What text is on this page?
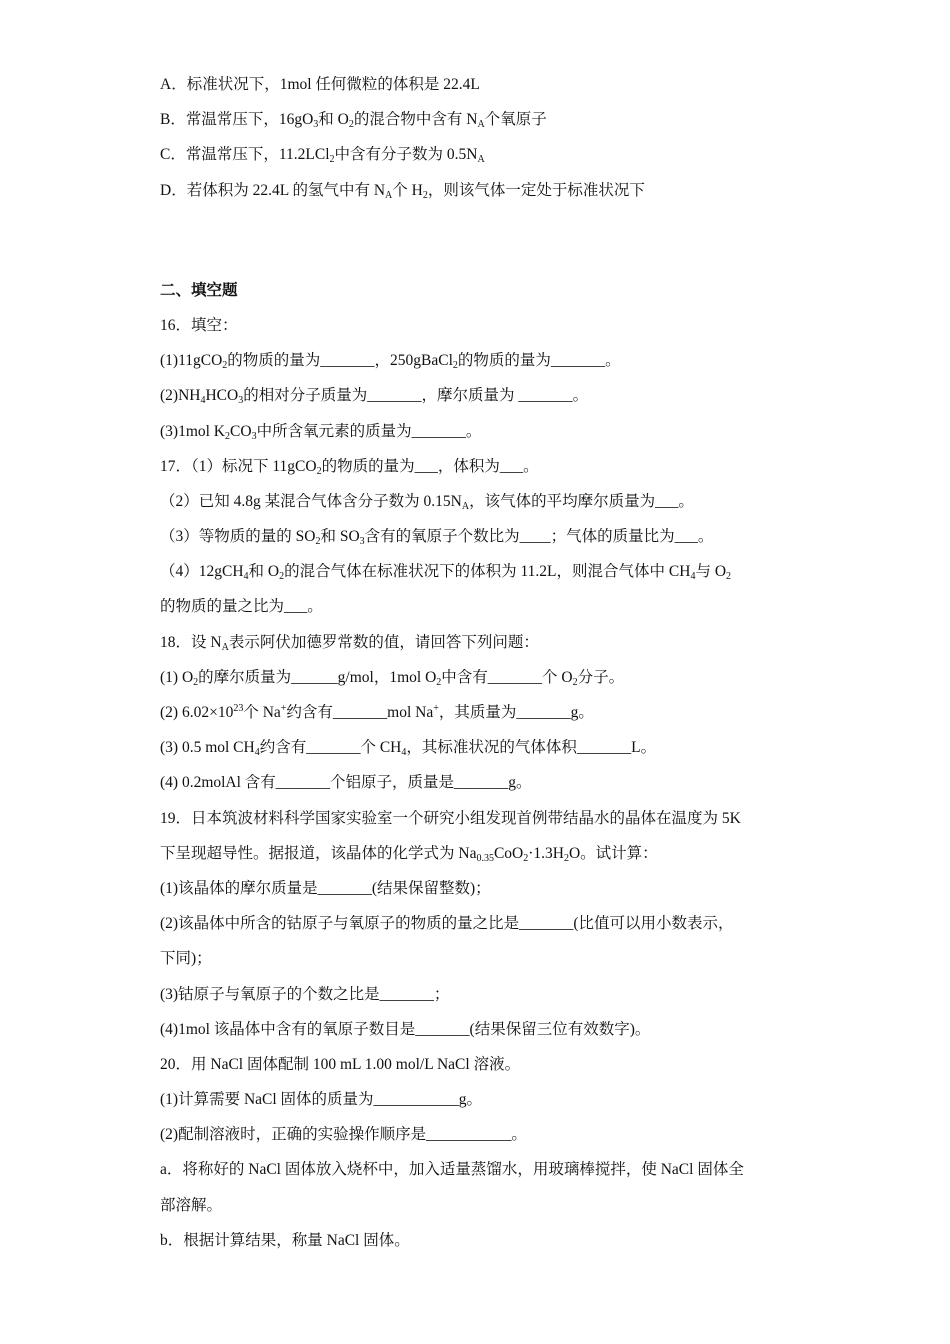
A．标准状况下，1mol 任何微粒的体积是 22.4L
B．常温常压下，$16gO_3$和 $O_2$的混合物中含有 $N_A$个氧原子
C．常温常压下，11.2LCl$_2$中含有分子数为 $0.5N_A$
D．若体积为 22.4L 的氢气中有 $N_A$个 $H_2$，则该气体一定处于标准状况下
二、填空题
16．填空：
(1)11gCO$_2$的物质的量为_______，250gBaCl$_2$的物质的量为_______。
$(2)NH_4HCO_3$的相对分子质量为_______，摩尔质量为 _______。
(3)1mol $K_2CO_3$中所含氧元素的质量为_______。
17．（1）标况下 11gCO$_2$的物质的量为___，体积为___。
（2）已知 4.8g 某混合气体含分子数为 $0.15N_A$，该气体的平均摩尔质量为___。
（3）等物质的量的 $SO_2$和 $SO_3$含有的氧原子个数比为____；气体的质量比为___。
（4）12gCH$_4$和 $O_2$的混合气体在标准状况下的体积为 11.2L，则混合气体中 $CH_4$与 $O_2$
的物质的量之比为___。
18．设 $N_A$表示阿伏加德罗常数的值，请回答下列问题：
(1) $O_2$的摩尔质量为______g/mol，1mol $O_2$中含有_______个 $O_2$分子。
(2) $6.02\times 10^{23}$个 Na+约含有_______mol Na+，其质量为_______g。
(3) 0.5 mol $CH_4$约含有_______个 $CH_4$，其标准状况的气体体积_______L。
(4) 0.2molAl 含有_______个铝原子，质量是_______g。
19．日本筑波材料科学国家实验室一个研究小组发现首例带结晶水的晶体在温度为 5K
下呈现超导性。据报道，该晶体的化学式为 $Na_{0.35}CoO_2\cdot 1.3H_2O$。试计算：
(1)该晶体的摩尔质量是_______(结果保留整数)；
(2)该晶体中所含的钴原子与氧原子的物质的量之比是_______(比值可以用小数表示，
下同)；
(3)钴原子与氧原子的个数之比是_______；
(4)1mol 该晶体中含有的氧原子数目是_______(结果保留三位有效数字)。
20．用 NaCl 固体配制 100 mL 1.00 mol/L NaCl 溶液。
(1)计算需要 NaCl 固体的质量为___________g。
(2)配制溶液时，正确的实验操作顺序是___________。
a．将称好的 NaCl 固体放入烧杯中，加入适量蒸馏水，用玻璃棒搅拌，使 NaCl 固体全
部溶解。
b．根据计算结果，称量 NaCl 固体。
